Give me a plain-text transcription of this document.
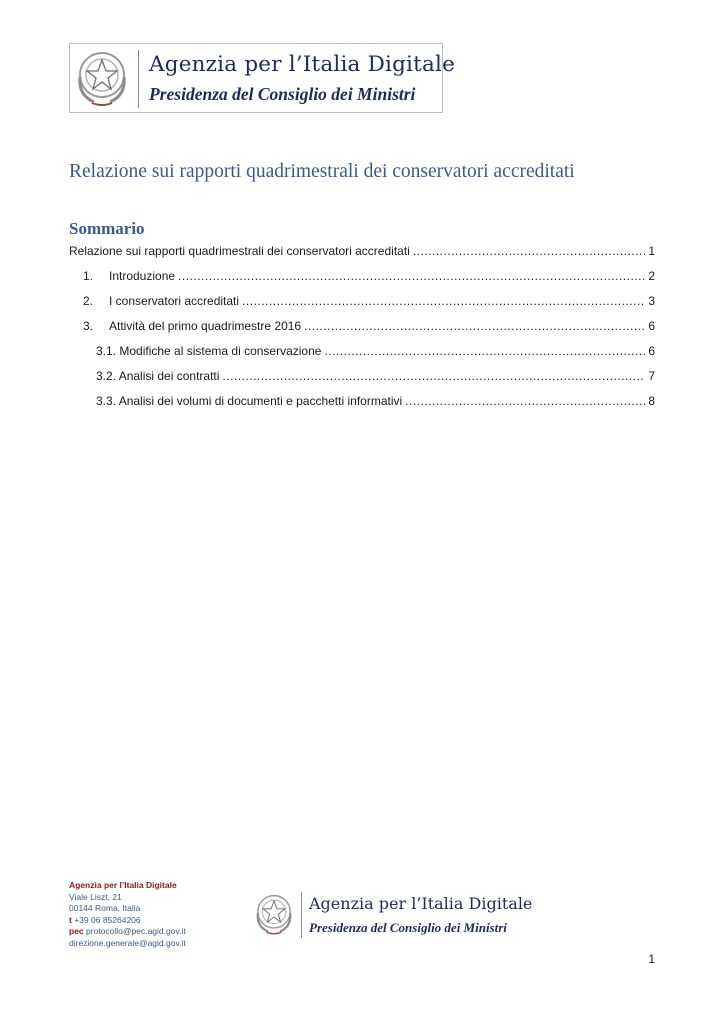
Agenzia per l’Italia Digitale
Presidenza del Consiglio dei Ministri
Relazione sui rapporti quadrimestrali dei conservatori accreditati
Sommario
Relazione sui rapporti quadrimestrali dei conservatori accreditati .....	1
1.	Introduzione .....	2
2.	I conservatori accreditati .....	3
3.	Attività del primo quadrimestre 2016 .....	6
3.1. Modifiche al sistema di conservazione .....	6
3.2. Analisi dei contratti .....	7
3.3. Analisi dei volumi di documenti e pacchetti informativi .....	8
Agenzia per l’Italia Digitale
Viale Liszt, 21
00144 Roma, Italia
t +39 06 85264206
pec protocollo@pec.agid.gov.it
direzione.generale@agid.gov.it
Agenzia per l’Italia Digitale
Presidenza del Consiglio dei Ministri
1
